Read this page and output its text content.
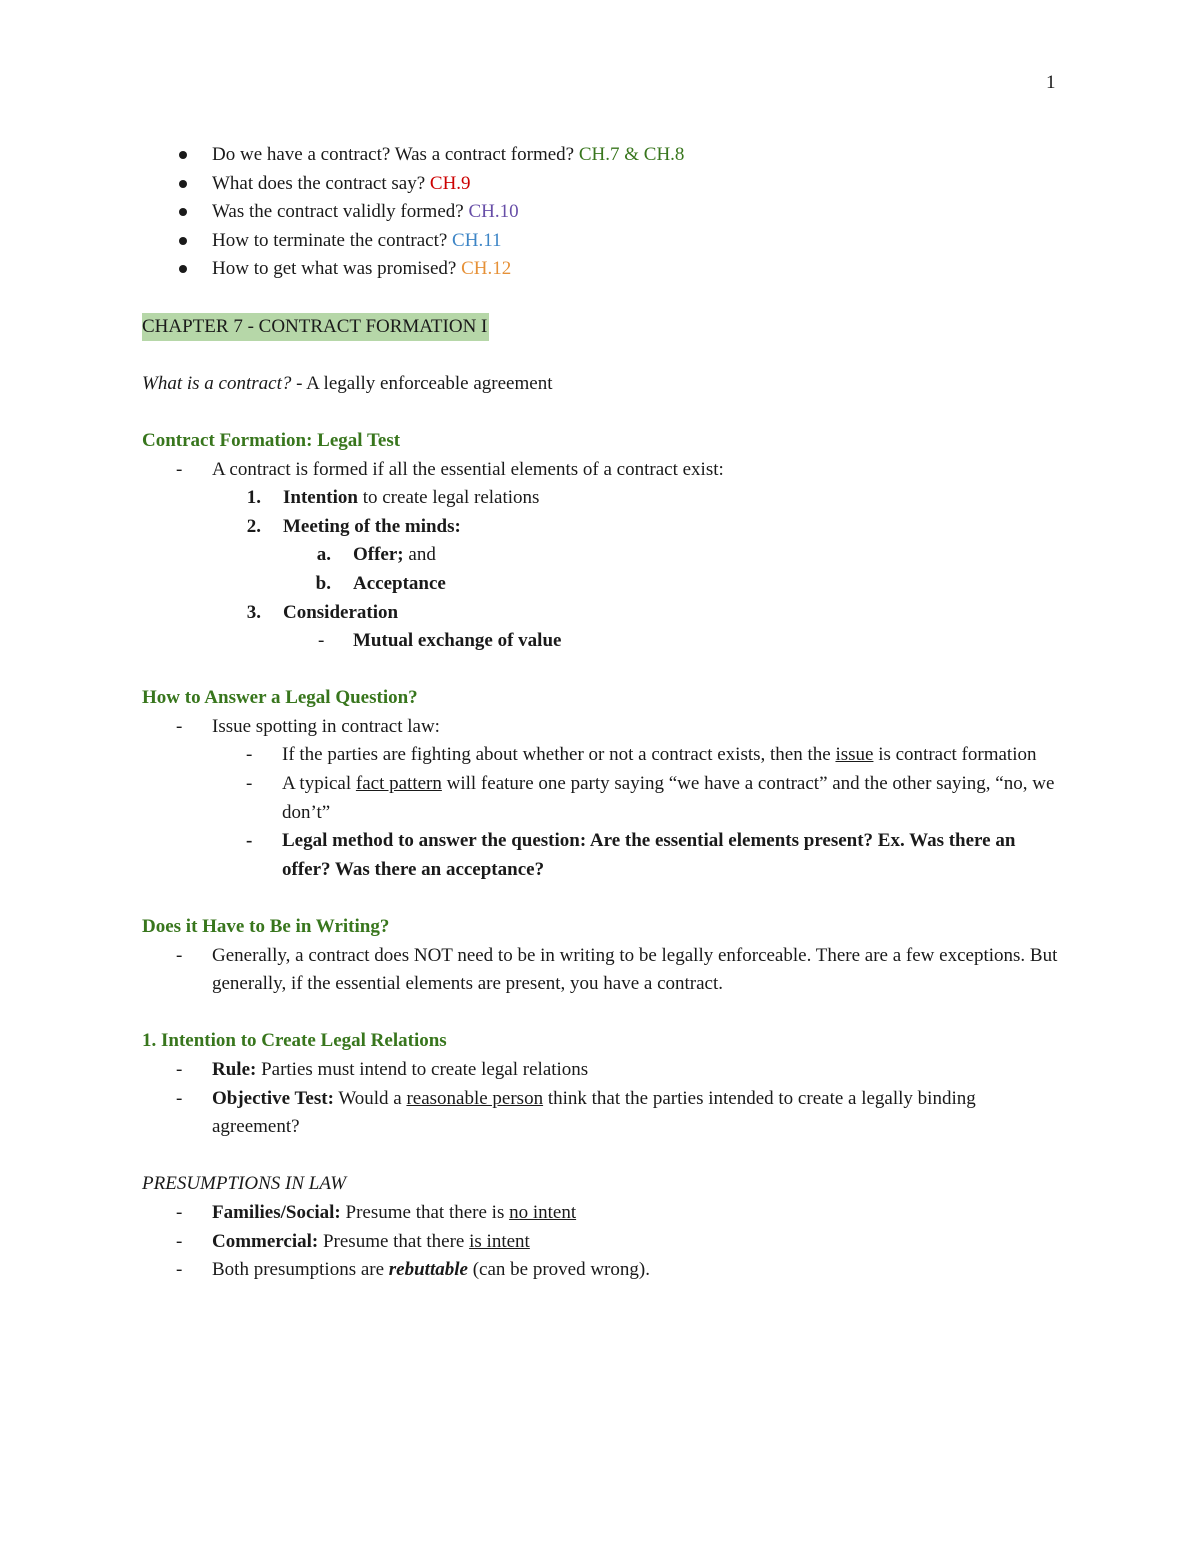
1
Do we have a contract? Was a contract formed? CH.7 & CH.8
What does the contract say? CH.9
Was the contract validly formed? CH.10
How to terminate the contract? CH.11
How to get what was promised? CH.12
CHAPTER 7 - CONTRACT FORMATION I
What is a contract? - A legally enforceable agreement
Contract Formation: Legal Test
-	A contract is formed if all the essential elements of a contract exist:
1.	Intention to create legal relations
2.	Meeting of the minds:
a.	Offer; and
b.	Acceptance
3.	Consideration
-	Mutual exchange of value
How to Answer a Legal Question?
-	Issue spotting in contract law:
-	If the parties are fighting about whether or not a contract exists, then the issue is contract formation
-	A typical fact pattern will feature one party saying “we have a contract” and the other saying, “no, we don’t”
-	Legal method to answer the question: Are the essential elements present? Ex. Was there an offer? Was there an acceptance?
Does it Have to Be in Writing?
-	Generally, a contract does NOT need to be in writing to be legally enforceable. There are a few exceptions. But generally, if the essential elements are present, you have a contract.
1. Intention to Create Legal Relations
-	Rule: Parties must intend to create legal relations
-	Objective Test: Would a reasonable person think that the parties intended to create a legally binding agreement?
PRESUMPTIONS IN LAW
-	Families/Social: Presume that there is no intent
-	Commercial: Presume that there is intent
-	Both presumptions are rebuttable (can be proved wrong).
